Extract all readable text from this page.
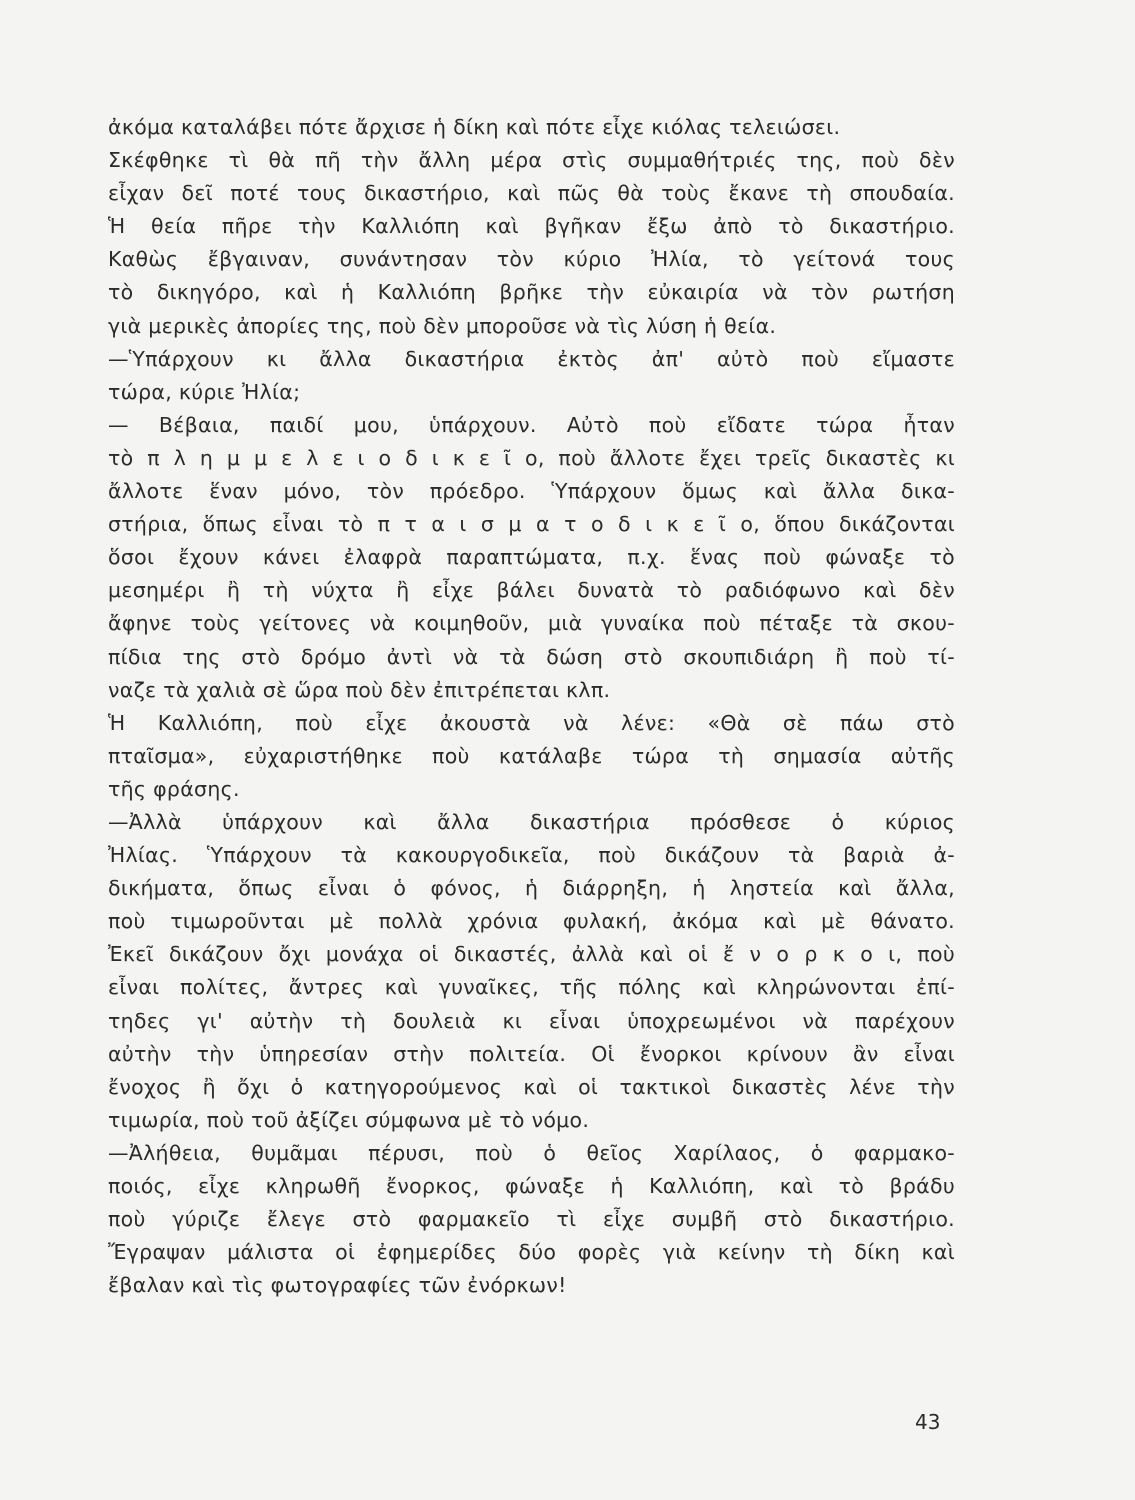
ἀκόμα καταλάβει πότε ἄρχισε ἡ δίκη καὶ πότε εἶχε κιόλας τελειώσει.
Σκέφθηκε τὶ θὰ πῆ τὴν ἄλλη μέρα στὶς συμμαθήτριές της, ποὺ δὲν
εἶχαν δεῖ ποτέ τους δικαστήριο, καὶ πῶς θὰ τοὺς ἔκανε τὴ σπουδαία.
Ἡ θεία πῆρε τὴν Καλλιόπη καὶ βγῆκαν ἔξω ἀπὸ τὸ δικαστήριο.
Καθὼς ἔβγαιναν, συνάντησαν τὸν κύριο Ἠλία, τὸ γείτονά τους
τὸ δικηγόρο, καὶ ἡ Καλλιόπη βρῆκε τὴν εὐκαιρία νὰ τὸν ρωτήση
γιὰ μερικὲς ἀπορίες της, ποὺ δὲν μποροῦσε νὰ τὶς λύση ἡ θεία.
—Ὑπάρχουν κι ἄλλα δικαστήρια ἐκτὸς ἀπ' αὐτὸ ποὺ εἴμαστε
τώρα, κύριε Ἠλία;
— Βέβαια, παιδί μου, ὑπάρχουν. Αὐτὸ ποὺ εἴδατε τώρα ἦταν
τὸ π λ η μ μ ε λ ε ι ο δ ι κ ε ῖ ο, ποὺ ἄλλοτε ἔχει τρεῖς δικαστὲς κι
ἄλλοτε ἕναν μόνο, τὸν πρόεδρο. Ὑπάρχουν ὅμως καὶ ἄλλα δικα-
στήρια, ὅπως εἶναι τὸ π τ α ι σ μ α τ ο δ ι κ ε ῖ ο, ὅπου δικάζονται
ὅσοι ἔχουν κάνει ἐλαφρὰ παραπτώματα, π.χ. ἕνας ποὺ φώναξε τὸ
μεσημέρι ἢ τὴ νύχτα ἢ εἶχε βάλει δυνατὰ τὸ ραδιόφωνο καὶ δὲν
ἄφηνε τοὺς γείτονες νὰ κοιμηθοῦν, μιὰ γυναίκα ποὺ πέταξε τὰ σκου-
πίδια της στὸ δρόμο ἀντὶ νὰ τὰ δώση στὸ σκουπιδιάρη ἢ ποὺ τί-
ναζε τὰ χαλιὰ σὲ ὥρα ποὺ δὲν ἐπιτρέπεται κλπ.
Ἡ Καλλιόπη, ποὺ εἶχε ἀκουστὰ νὰ λένε: «Θὰ σὲ πάω στὸ
πταῖσμα», εὐχαριστήθηκε ποὺ κατάλαβε τώρα τὴ σημασία αὐτῆς
τῆς φράσης.
—Ἀλλὰ ὑπάρχουν καὶ ἄλλα δικαστήρια πρόσθεσε ὁ κύριος
Ἠλίας. Ὑπάρχουν τὰ κακουργοδικεῖα, ποὺ δικάζουν τὰ βαριὰ ἀ-
δικήματα, ὅπως εἶναι ὁ φόνος, ἡ διάρρηξη, ἡ ληστεία καὶ ἄλλα,
ποὺ τιμωροῦνται μὲ πολλὰ χρόνια φυλακή, ἀκόμα καὶ μὲ θάνατο.
Ἐκεῖ δικάζουν ὄχι μονάχα οἱ δικαστές, ἀλλὰ καὶ οἱ ἔ ν ο ρ κ ο ι, ποὺ
εἶναι πολίτες, ἄντρες καὶ γυναῖκες, τῆς πόλης καὶ κληρώνονται ἐπί-
τηδες γι' αὐτὴν τὴ δουλειὰ κι εἶναι ὑποχρεωμένοι νὰ παρέχουν
αὐτὴν τὴν ὑπηρεσίαν στὴν πολιτεία. Οἱ ἔνορκοι κρίνουν ἂν εἶναι
ἔνοχος ἢ ὄχι ὁ κατηγορούμενος καὶ οἱ τακτικοὶ δικαστὲς λένε τὴν
τιμωρία, ποὺ τοῦ ἀξίζει σύμφωνα μὲ τὸ νόμο.
—Ἀλήθεια, θυμᾶμαι πέρυσι, ποὺ ὁ θεῖος Χαρίλαος, ὁ φαρμακο-
ποιός, εἶχε κληρωθῆ ἔνορκος, φώναξε ἡ Καλλιόπη, καὶ τὸ βράδυ
ποὺ γύριζε ἔλεγε στὸ φαρμακεῖο τὶ εἶχε συμβῆ στὸ δικαστήριο.
Ἔγραψαν μάλιστα οἱ ἐφημερίδες δύο φορὲς γιὰ κείνην τὴ δίκη καὶ
ἔβαλαν καὶ τὶς φωτογραφίες τῶν ἐνόρκων!
43
